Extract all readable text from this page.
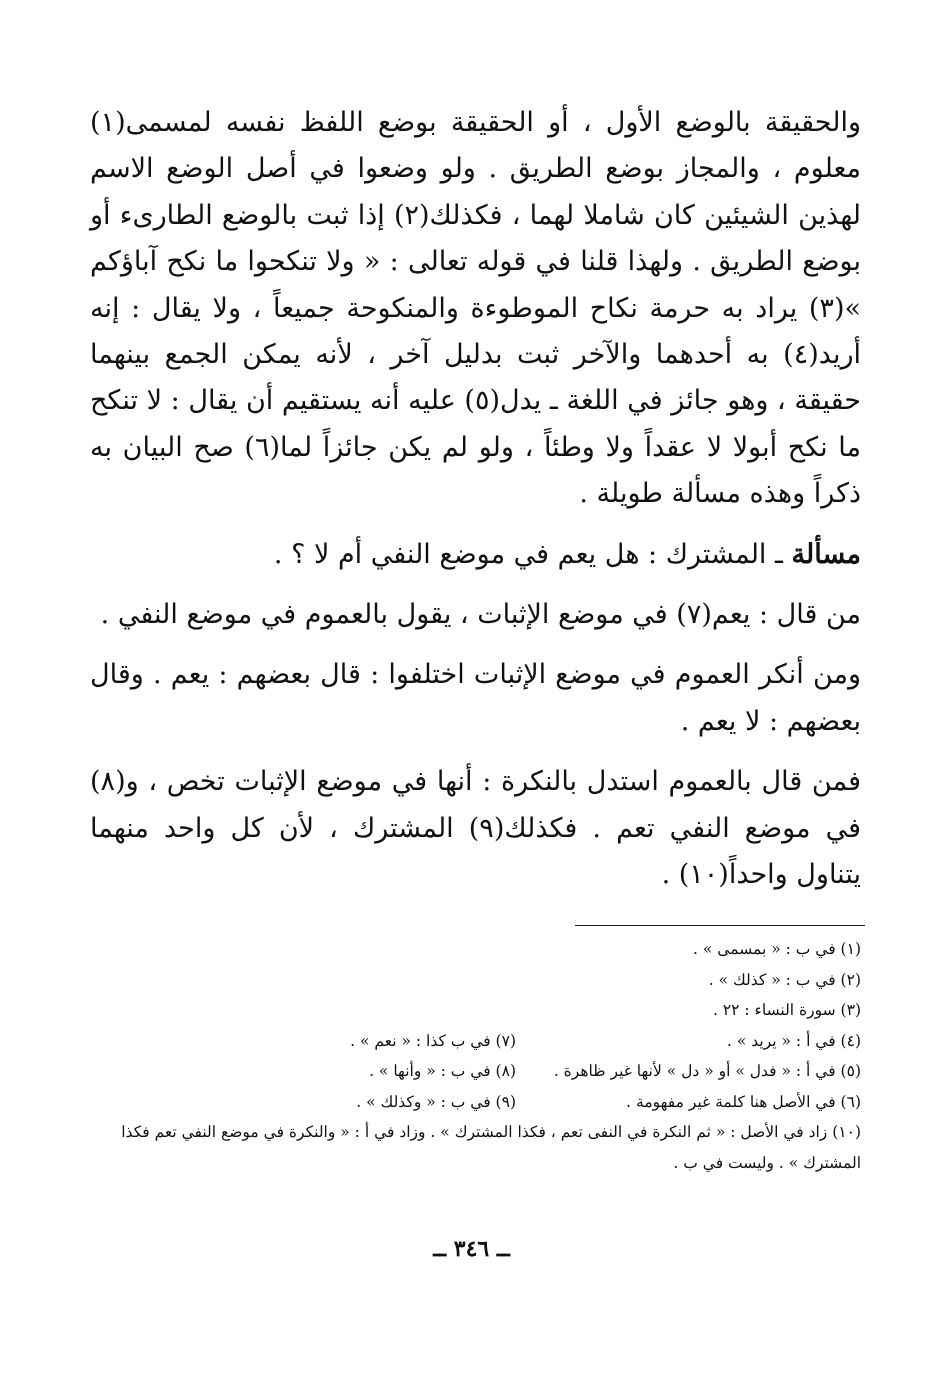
والحقيقة بالوضع الأول ، أو الحقيقة بوضع اللفظ نفسه لمسمى(١) معلوم ، والمجاز بوضع الطريق . ولو وضعوا في أصل الوضع الاسم لهذين الشيئين كان شاملا لهما ، فكذلك(٢) إذا ثبت بالوضع الطارىء أو بوضع الطريق . ولهذا قلنا في قوله تعالى : « ولا تنكحوا ما نكح آباؤكم »(٣) يراد به حرمة نكاح الموطوءة والمنكوحة جميعاً ، ولا يقال : إنه أريد(٤) به أحدهما والآخر ثبت بدليل آخر ، لأنه يمكن الجمع بينهما حقيقة ، وهو جائز في اللغة ـ يدل(٥) عليه أنه يستقيم أن يقال : لا تنكح ما نكح أبولا لا عقداً ولا وطئاً ، ولو لم يكن جائزاً لما(٦) صح البيان به ذكراً وهذه مسألة طويلة .

مسألة ـ المشترك : هل يعم في موضع النفي أم لا ؟ .

من قال : يعم(٧) في موضع الإثبات ، يقول بالعموم في موضع النفي .

ومن أنكر العموم في موضع الإثبات اختلفوا : قال بعضهم : يعم . وقال بعضهم : لا يعم .

فمن قال بالعموم استدل بالنكرة : أنها في موضع الإثبات تخص ، و(٨) في موضع النفي تعم . فكذلك(٩) المشترك ، لأن كل واحد منهما يتناول واحداً(١٠) .

(١) في ب : « بمسمى » .
(٢) في ب : « كذلك » .
(٣) سورة النساء : ٢٢ .
(٤) في أ : « يريد » .
(٧) في ب كذا : « نعم » .
(٥) في أ : « فدل » أو « دل » لأنها غير ظاهرة .
(٨) في ب : « وأنها » .
(٦) في الأصل هنا كلمة غير مفهومة .
(٩) في ب : « وكذلك » .
(١٠) زاد في الأصل : « ثم النكرة في النفى تعم ، فكذا المشترك » . وزاد في أ : « والنكرة في موضع النفي تعم فكذا المشترك » . وليست في ب .
ــ ٣٤٦ ــ
